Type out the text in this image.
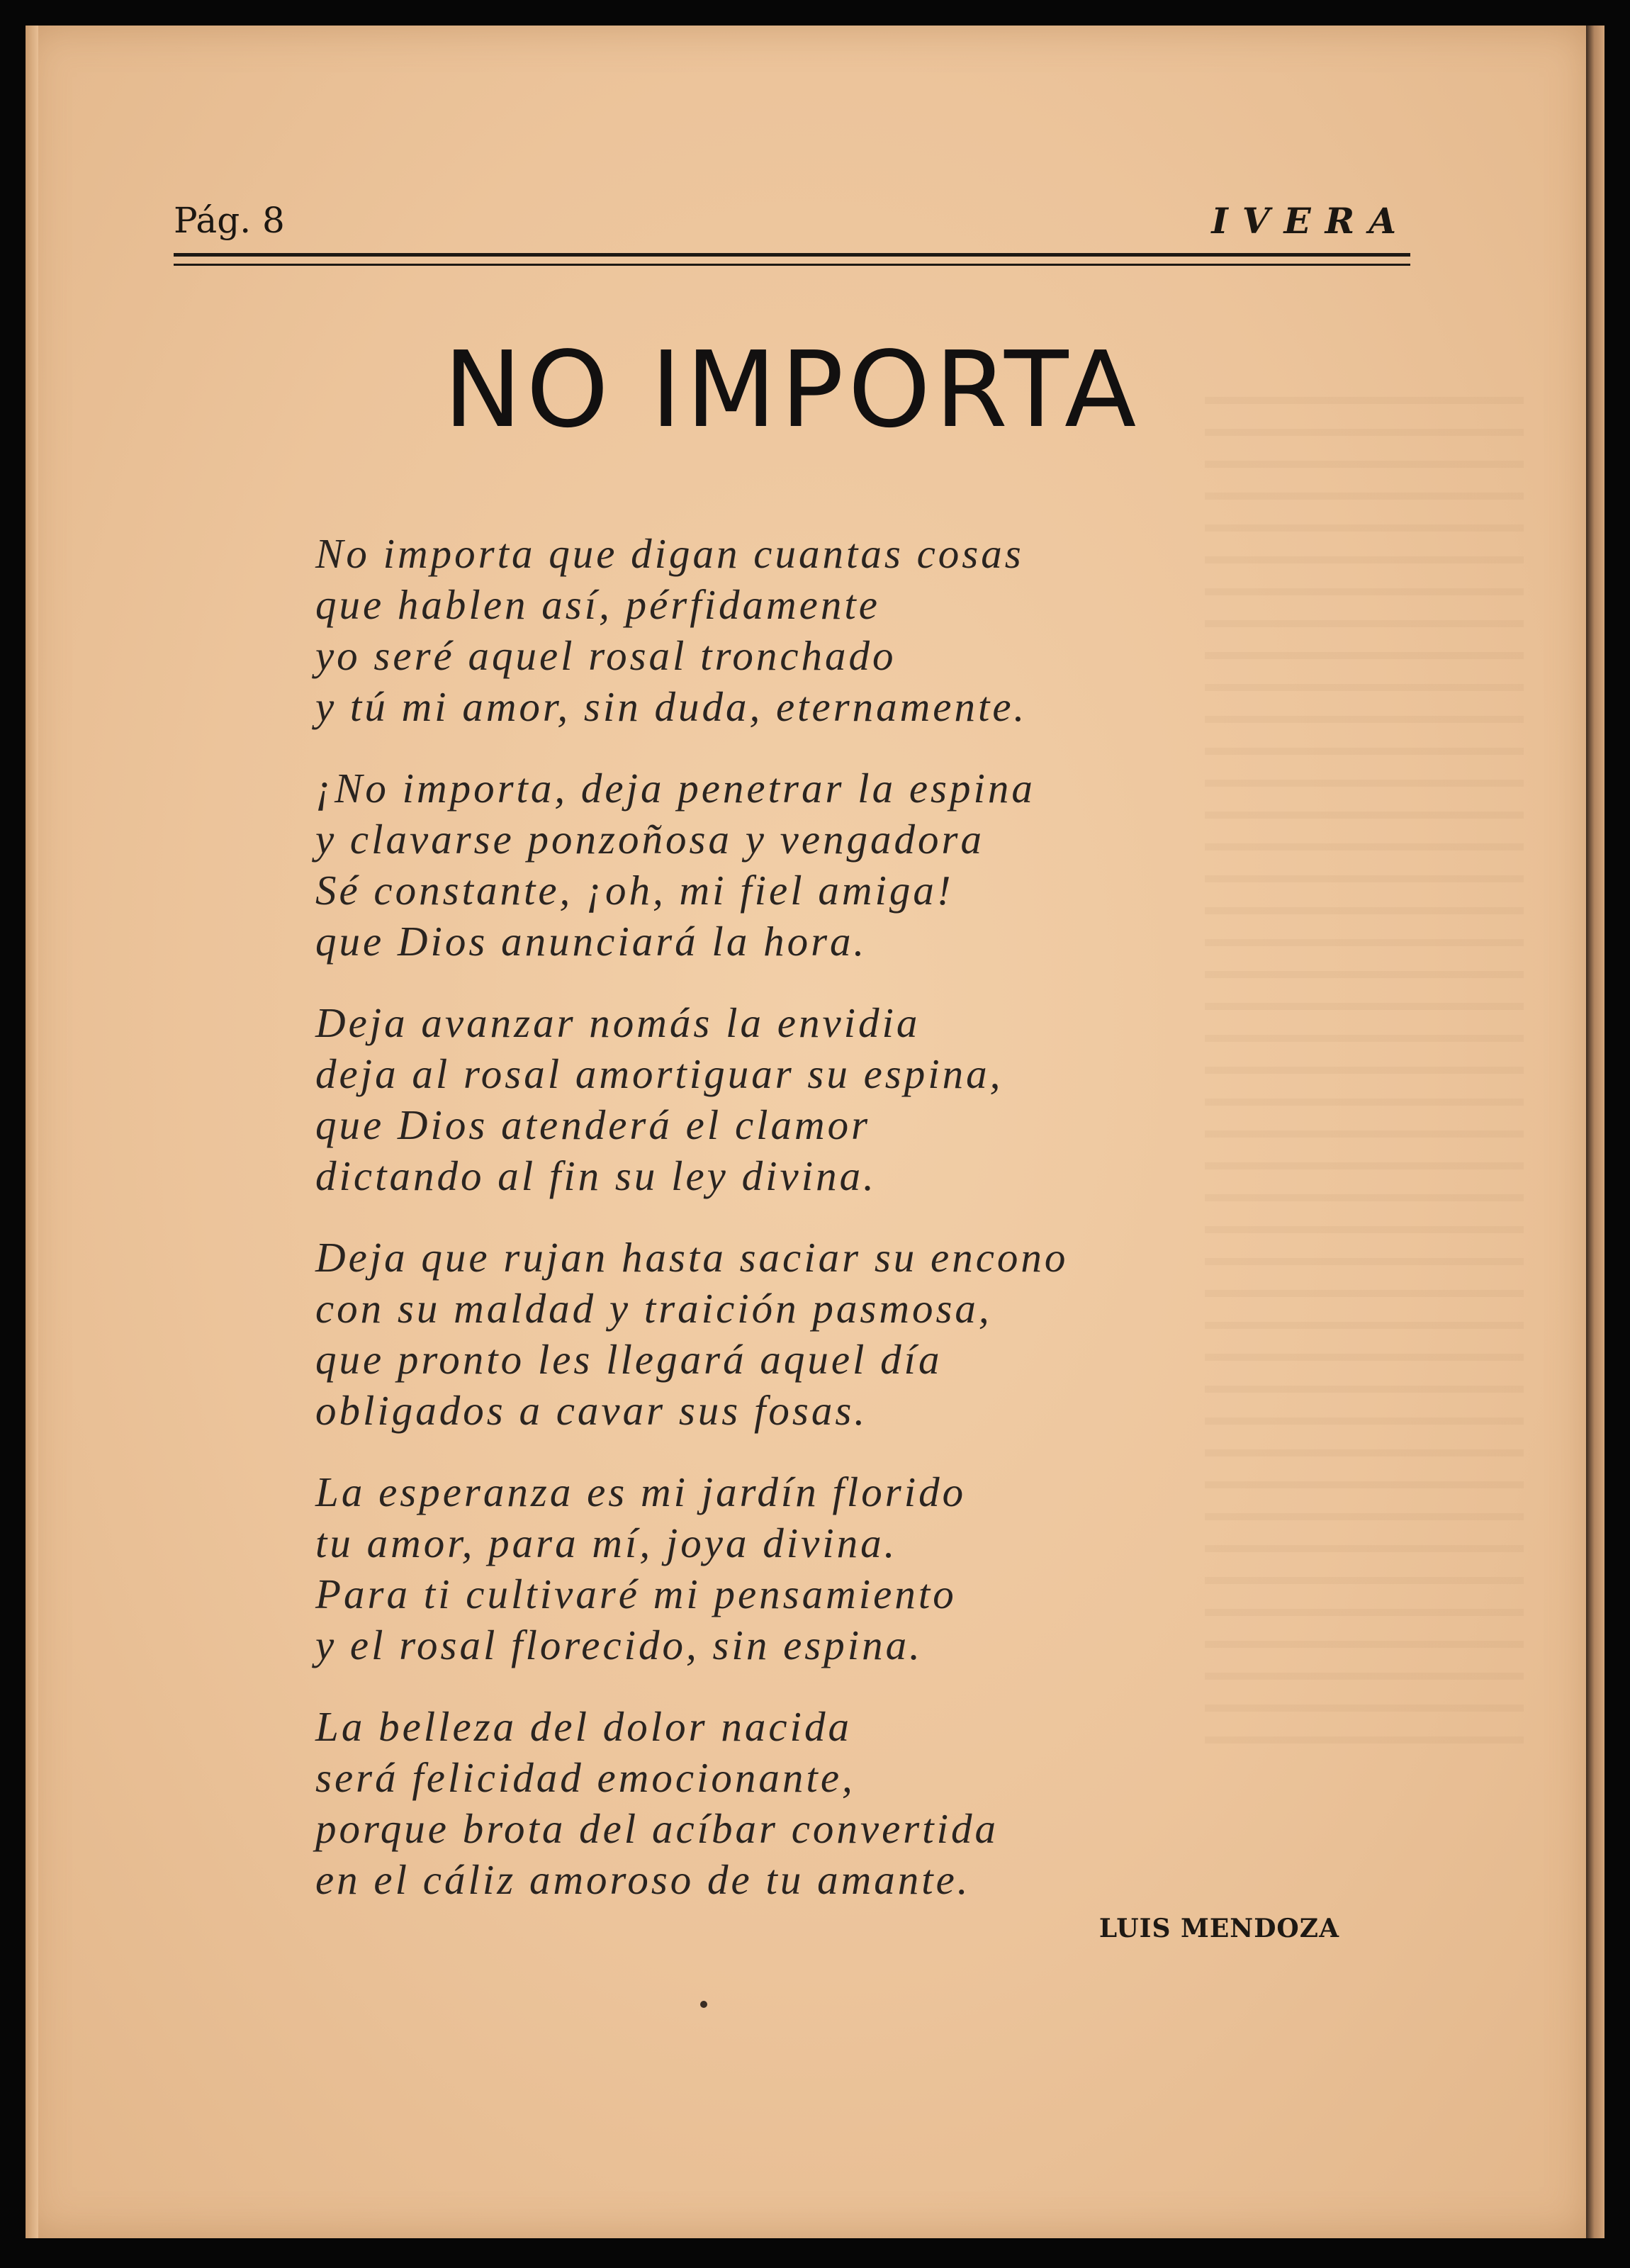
Pág. 8	IVERA
NO IMPORTA
No importa que digan cuantas cosas
que hablen así, pérfidamente
yo seré aquel rosal tronchado
y tú mi amor, sin duda, eternamente.
¡No importa, deja penetrar la espina
y clavarse ponzoñosa y vengadora
Sé constante, ¡oh, mi fiel amiga!
que Dios anunciará la hora.
Deja avanzar nomás la envidia
deja al rosal amortiguar su espina,
que Dios atenderá el clamor
dictando al fin su ley divina.
Deja que rujan hasta saciar su encono
con su maldad y traición pasmosa,
que pronto les llegará aquel día
obligados a cavar sus fosas.
La esperanza es mi jardín florido
tu amor, para mí, joya divina.
Para ti cultivaré mi pensamiento
y el rosal florecido, sin espina.
La belleza del dolor nacida
será felicidad emocionante,
porque brota del acíbar convertida
en el cáliz amoroso de tu amante.
LUIS MENDOZA
